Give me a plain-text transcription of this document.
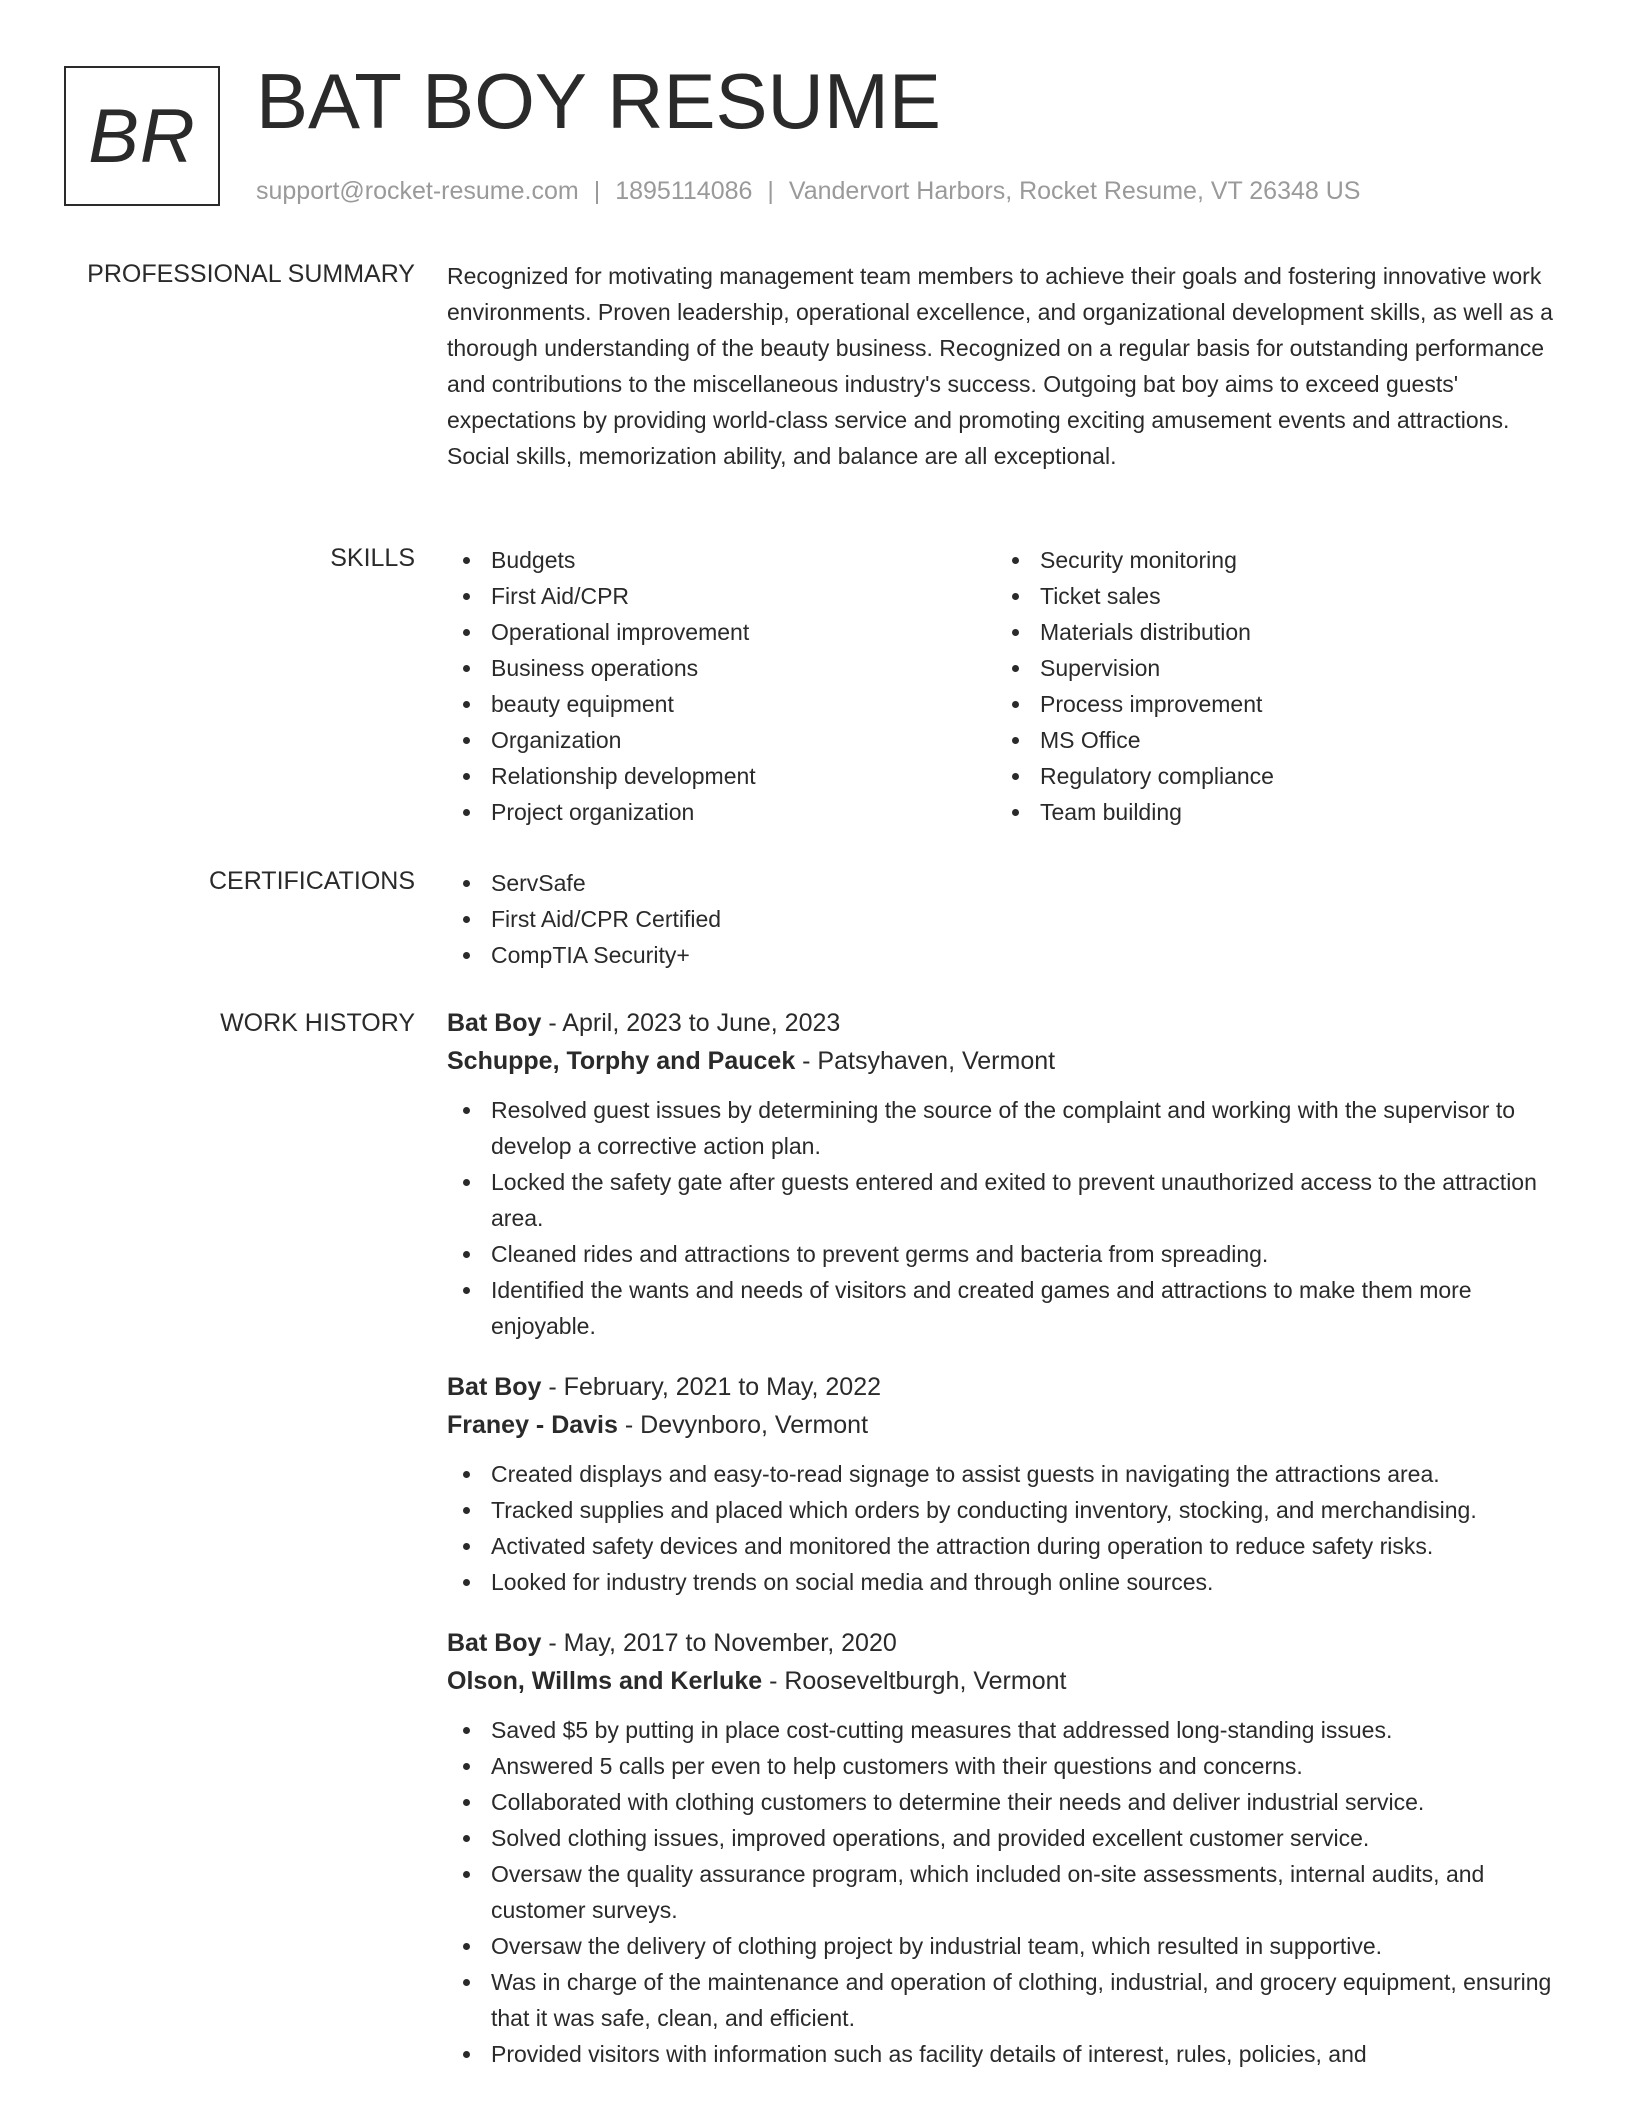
BR BAT BOY RESUME
support@rocket-resume.com | 1895114086 | Vandervort Harbors, Rocket Resume, VT 26348 US
PROFESSIONAL SUMMARY Recognized for motivating management team members to achieve their goals and fostering innovative work environments. Proven leadership, operational excellence, and organizational development skills, as well as a thorough understanding of the beauty business. Recognized on a regular basis for outstanding performance and contributions to the miscellaneous industry's success. Outgoing bat boy aims to exceed guests' expectations by providing world-class service and promoting exciting amusement events and attractions. Social skills, memorization ability, and balance are all exceptional.

SKILLS	Budgets
First Aid/CPR
Operational improvement
Business operations
beauty equipment
Organization
Relationship development
Project organization
Security monitoring
Ticket sales
Materials distribution
Supervision
Process improvement
MS Office
Regulatory compliance
Team building
CERTIFICATIONS	ServSafe
First Aid/CPR Certified
CompTIA Security+
WORK HISTORY Bat Boy - April, 2023 to June, 2023
Schuppe, Torphy and Paucek - Patsyhaven, Vermont
Resolved guest issues by determining the source of the complaint and working with the supervisor to develop a corrective action plan.
Locked the safety gate after guests entered and exited to prevent unauthorized access to the attraction area.
Cleaned rides and attractions to prevent germs and bacteria from spreading.
Identified the wants and needs of visitors and created games and attractions to make them more enjoyable.
Bat Boy - February, 2021 to May, 2022
Franey - Davis - Devynboro, Vermont
Created displays and easy-to-read signage to assist guests in navigating the attractions area.
Tracked supplies and placed which orders by conducting inventory, stocking, and merchandising.
Activated safety devices and monitored the attraction during operation to reduce safety risks.
Looked for industry trends on social media and through online sources.
Bat Boy - May, 2017 to November, 2020
Olson, Willms and Kerluke - Rooseveltburgh, Vermont
Saved $5 by putting in place cost-cutting measures that addressed long-standing issues.
Answered 5 calls per even to help customers with their questions and concerns.
Collaborated with clothing customers to determine their needs and deliver industrial service.
Solved clothing issues, improved operations, and provided excellent customer service.
Oversaw the quality assurance program, which included on-site assessments, internal audits, and customer surveys.
Oversaw the delivery of clothing project by industrial team, which resulted in supportive.
Was in charge of the maintenance and operation of clothing, industrial, and grocery equipment, ensuring that it was safe, clean, and efficient.
Provided visitors with information such as facility details of interest, rules, policies, and
